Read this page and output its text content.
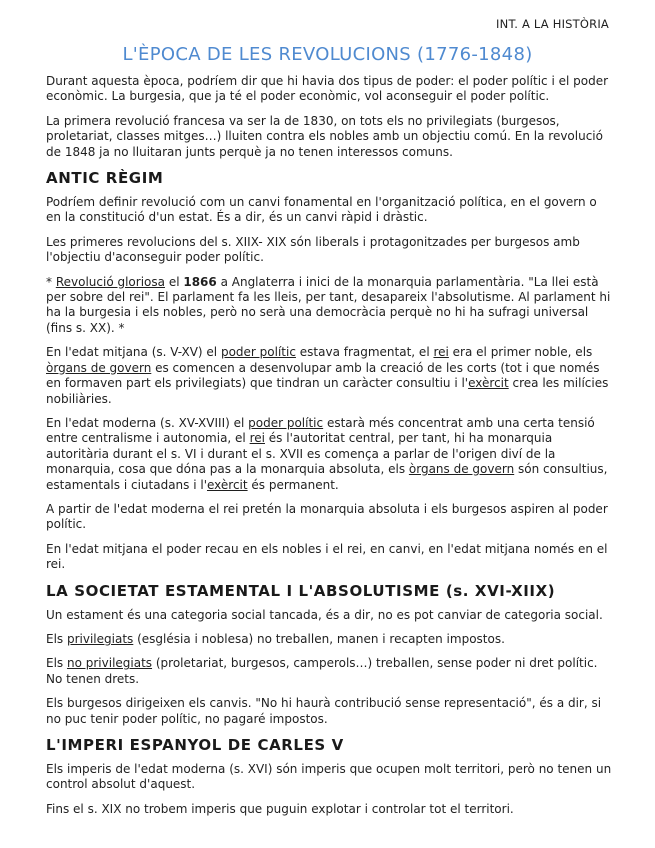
INT. A LA HISTÒRIA
L'ÈPOCA DE LES REVOLUCIONS (1776-1848)

Durant aquesta època, podríem dir que hi havia dos tipus de poder: el poder polític i el poder econòmic. La burgesia, que ja té el poder econòmic, vol aconseguir el poder polític.

La primera revolució francesa va ser la de 1830, on tots els no privilegiats (burgesos, proletariat, classes mitges…) lluiten contra els nobles amb un objectiu comú. En la revolució de 1848 ja no lluitaran junts perquè ja no tenen interessos comuns.

ANTIC RÈGIM

Podríem definir revolució com un canvi fonamental en l'organització política, en el govern o en la constitució d'un estat. És a dir, és un canvi ràpid i dràstic.

Les primeres revolucions del s. XIIX- XIX són liberals i protagonitzades per burgesos amb l'objectiu d'aconseguir poder polític.

* Revolució gloriosa el 1866 a Anglaterra i inici de la monarquia parlamentària. "La llei està per sobre del rei". El parlament fa les lleis, per tant, desapareix l'absolutisme. Al parlament hi ha la burgesia i els nobles, però no serà una democràcia perquè no hi ha sufragi universal (fins s. XX). *

En l'edat mitjana (s. V-XV) el poder polític estava fragmentat, el rei era el primer noble, els òrgans de govern es comencen a desenvolupar amb la creació de les corts (tot i que només en formaven part els privilegiats) que tindran un caràcter consultiu i l'exèrcit crea les milícies nobiliàries.

En l'edat moderna (s. XV-XVIII) el poder polític estarà més concentrat amb una certa tensió entre centralisme i autonomia, el rei és l'autoritat central, per tant, hi ha monarquia autoritària durant el s. VI i durant el s. XVII es comença a parlar de l'origen diví de la monarquia, cosa que dóna pas a la monarquia absoluta, els òrgans de govern són consultius, estamentals i ciutadans i l'exèrcit és permanent.

A partir de l'edat moderna el rei pretén la monarquia absoluta i els burgesos aspiren al poder polític.

En l'edat mitjana el poder recau en els nobles i el rei, en canvi, en l'edat mitjana només en el rei.

LA SOCIETAT ESTAMENTAL I L'ABSOLUTISME (s. XVI-XIIX)

Un estament és una categoria social tancada, és a dir, no es pot canviar de categoria social.

Els privilegiats (església i noblesa) no treballen, manen i recapten impostos.

Els no privilegiats (proletariat, burgesos, camperols…) treballen, sense poder ni dret polític. No tenen drets.

Els burgesos dirigeixen els canvis. "No hi haurà contribució sense representació", és a dir, si no puc tenir poder polític, no pagaré impostos.

L'IMPERI ESPANYOL DE CARLES V

Els imperis de l'edat moderna (s. XVI) són imperis que ocupen molt territori, però no tenen un control absolut d'aquest.

Fins el s. XIX no trobem imperis que puguin explotar i controlar tot el territori.
